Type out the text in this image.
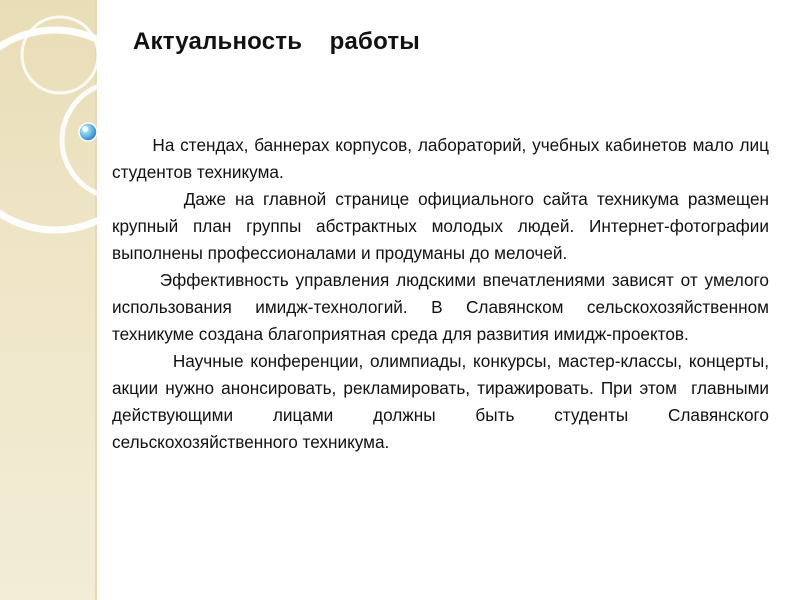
Актуальность    работы

На стендах, баннерах корпусов, лабораторий, учебных кабинетов мало лиц студентов техникума.

Даже на главной странице официального сайта техникума размещен крупный план группы абстрактных молодых людей. Интернет-фотографии выполнены профессионалами и продуманы до мелочей.

Эффективность управления людскими впечатлениями зависят от умелого использования имидж-технологий. В Славянском сельскохозяйственном техникуме создана благоприятная среда для развития имидж-проектов.

Научные конференции, олимпиады, конкурсы, мастер-классы, концерты, акции нужно анонсировать, рекламировать, тиражировать. При этом  главными действующими лицами должны быть студенты Славянского сельскохозяйственного техникума.
